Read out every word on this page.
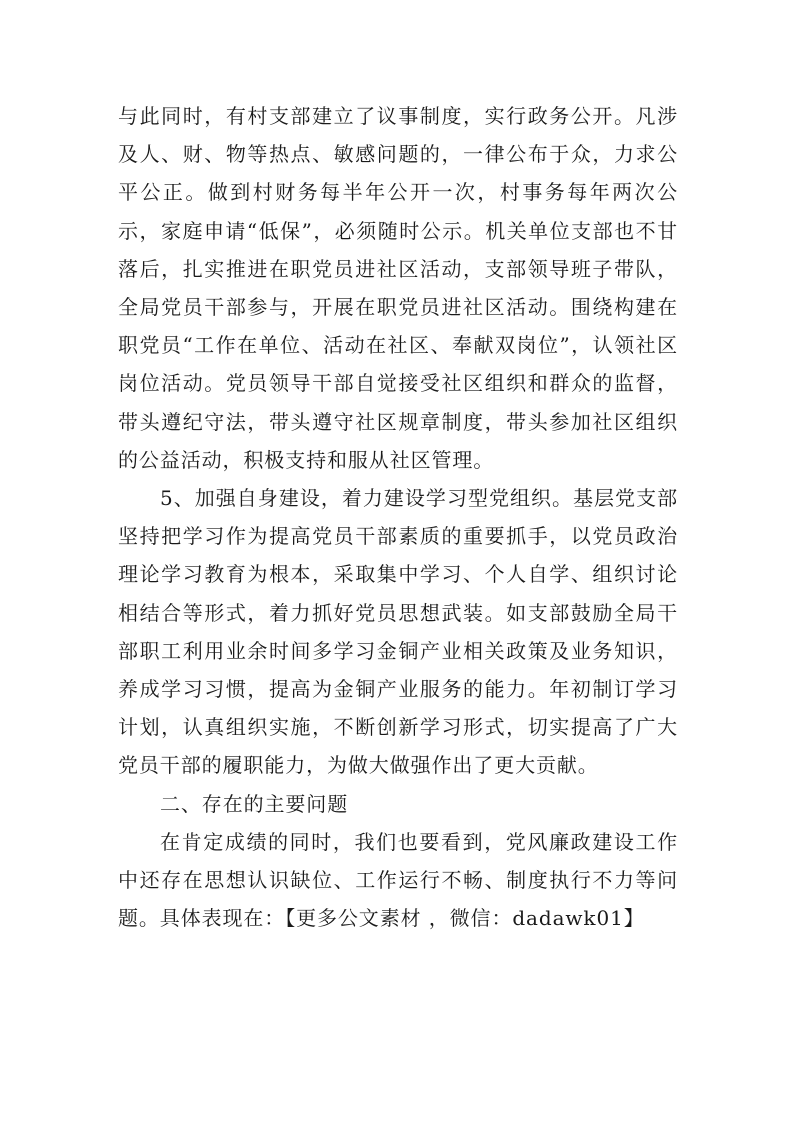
与此同时，有村支部建立了议事制度，实行政务公开。凡涉及人、财、物等热点、敏感问题的，一律公布于众，力求公平公正。做到村财务每半年公开一次，村事务每年两次公示，家庭申请“低保”，必须随时公示。机关单位支部也不甘落后，扎实推进在职党员进社区活动，支部领导班子带队，全局党员干部参与，开展在职党员进社区活动。围绕构建在职党员“工作在单位、活动在社区、奉献双岗位”，认领社区岗位活动。党员领导干部自觉接受社区组织和群众的监督，带头遵纪守法，带头遵守社区规章制度，带头参加社区组织的公益活动，积极支持和服从社区管理。

5、加强自身建设，着力建设学习型党组织。基层党支部坚持把学习作为提高党员干部素质的重要抓手，以党员政治理论学习教育为根本，采取集中学习、个人自学、组织讨论相结合等形式，着力抓好党员思想武装。如支部鼓励全局干部职工利用业余时间多学习金铜产业相关政策及业务知识，养成学习习惯，提高为金铜产业服务的能力。年初制订学习计划，认真组织实施，不断创新学习形式，切实提高了广大党员干部的履职能力，为做大做强作出了更大贡献。

二、存在的主要问题

在肯定成绩的同时，我们也要看到，党风廉政建设工作中还存在思想认识缺位、工作运行不畅、制度执行不力等问题。具体表现在：【更多公文素材 ，微信：dadawk01】
